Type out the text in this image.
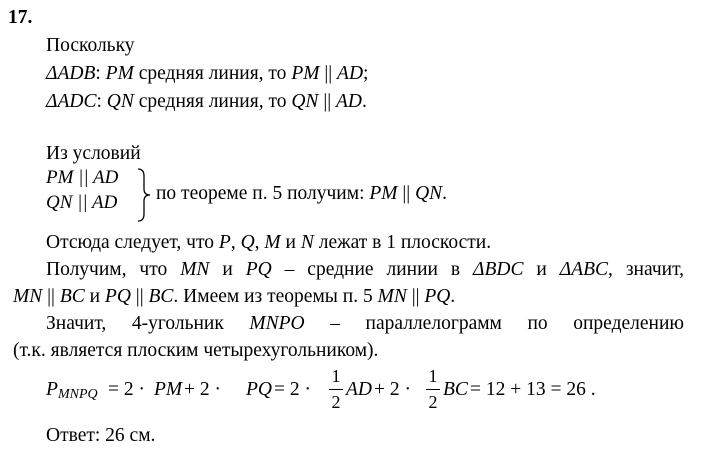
17.
Поскольку
ΔADB: PM средняя линия, то PM || AD;
ΔADC: QN средняя линия, то QN || AD.
Из условий
PM || AD
QN || AD по теореме п. 5 получим: PM || QN.
Отсюда следует, что P, Q, M и N лежат в 1 плоскости.
Получим, что MN и PQ – средние линии в ΔBDC и ΔABC, значит,
MN || BC и PQ || BC. Имеем из теоремы п. 5 MN || PQ.
Значит, 4-угольник MNPO – параллелограмм по определению
(т.к. является плоским четырехугольником).
P MNPQ = 2 · PM + 2 · PQ = 2 ·
1
2
AD + 2 ·
1
2
BC = 12 + 13 = 26 .
Ответ: 26 см.
